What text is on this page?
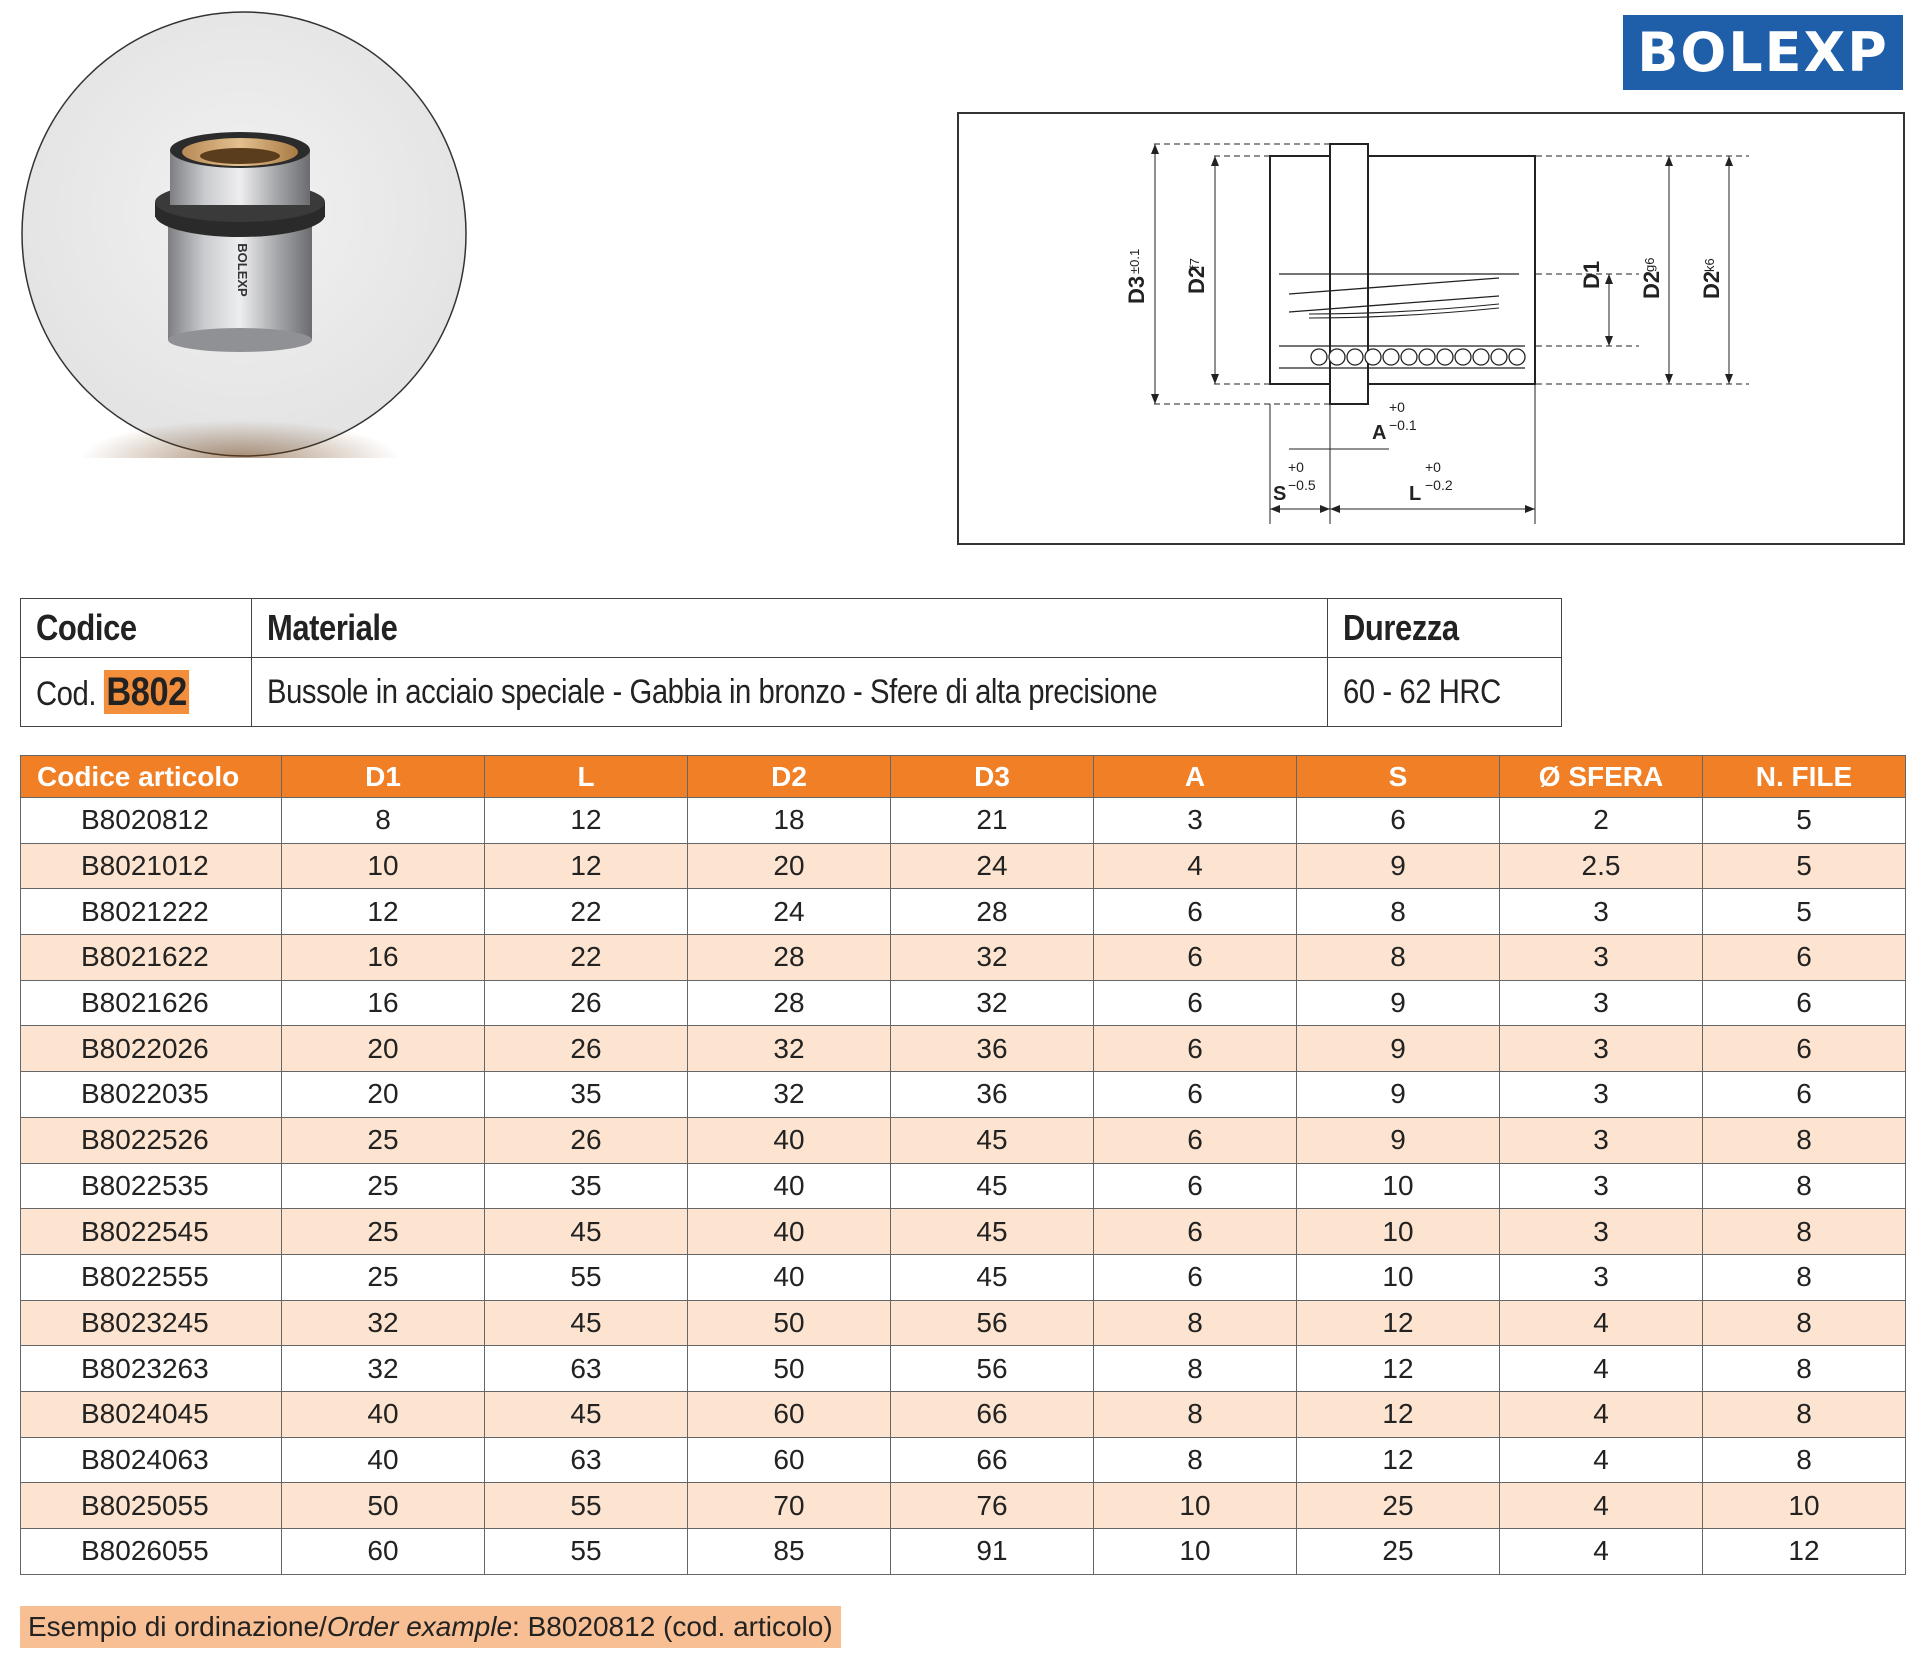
BOLEXP
BOLEXP
D3
±0.1
D2
f7	D1 D2
g6
D2
k6
A
+0
−0.1
S
+0
−0.5	L
+0
−0.2
Codice	Materiale	Durezza
Cod. B802	Bussole in acciaio speciale - Gabbia in bronzo - Sfere di alta precisione	60 - 62 HRC
Codice articolo	D1	L	D2	D3	A	S	Ø SFERA	N. FILE
B8020812	8	12	18	21	3	6	2	5
B8021012	10	12	20	24	4	9	2.5	5
B8021222	12	22	24	28	6	8	3	5
B8021622	16	22	28	32	6	8	3	6
B8021626	16	26	28	32	6	9	3	6
B8022026	20	26	32	36	6	9	3	6
B8022035	20	35	32	36	6	9	3	6
B8022526	25	26	40	45	6	9	3	8
B8022535	25	35	40	45	6	10	3	8
B8022545	25	45	40	45	6	10	3	8
B8022555	25	55	40	45	6	10	3	8
B8023245	32	45	50	56	8	12	4	8
B8023263	32	63	50	56	8	12	4	8
B8024045	40	45	60	66	8	12	4	8
B8024063	40	63	60	66	8	12	4	8
B8025055	50	55	70	76	10	25	4	10
B8026055	60	55	85	91	10	25	4	12
Esempio di ordinazione/ Order example : B8020812 (cod. articolo)
